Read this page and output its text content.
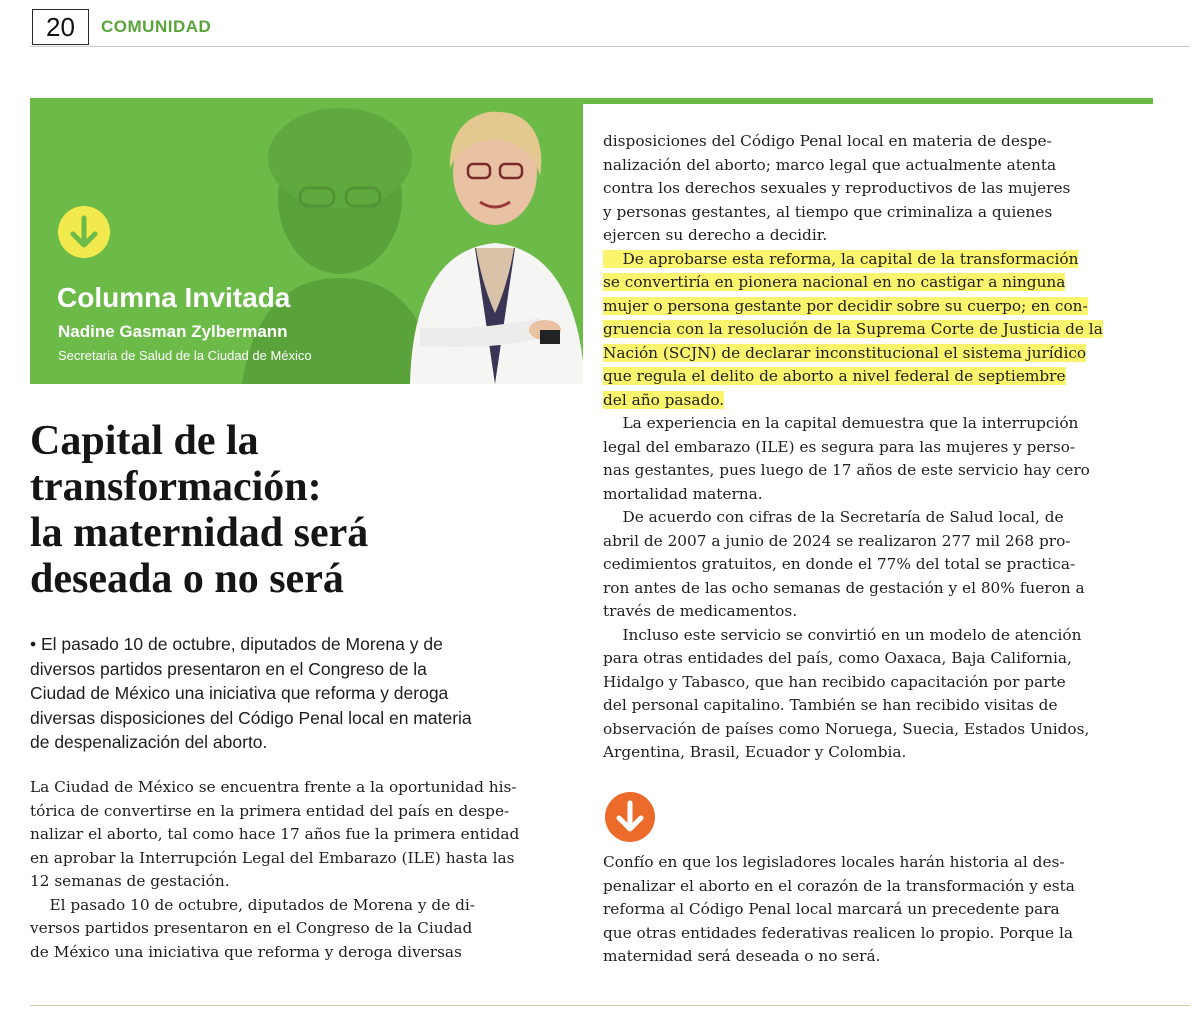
20	COMUNIDAD
Columna Invitada
Nadine Gasman Zylbermann
Secretaria de Salud de la Ciudad de México
Capital de la
transformación:
la maternidad será
deseada o no será
• El pasado 10 de octubre, diputados de Morena y de
diversos partidos presentaron en el Congreso de la
Ciudad de México una iniciativa que reforma y deroga
diversas disposiciones del Código Penal local en materia
de despenalización del aborto.
La Ciudad de México se encuentra frente a la oportunidad his-
tórica de convertirse en la primera entidad del país en despe-
nalizar el aborto, tal como hace 17 años fue la primera entidad
en aprobar la Interrupción Legal del Embarazo (ILE) hasta las
12 semanas de gestación.
El pasado 10 de octubre, diputados de Morena y de di-
versos partidos presentaron en el Congreso de la Ciudad
de México una iniciativa que reforma y deroga diversas
disposiciones del Código Penal local en materia de despe-
nalización del aborto; marco legal que actualmente atenta
contra los derechos sexuales y reproductivos de las mujeres
y personas gestantes, al tiempo que criminaliza a quienes
ejercen su derecho a decidir.
De aprobarse esta reforma, la capital de la transformación
se convertiría en pionera nacional en no castigar a ninguna
mujer o persona gestante por decidir sobre su cuerpo; en con-
gruencia con la resolución de la Suprema Corte de Justicia de la
Nación (SCJN) de declarar inconstitucional el sistema jurídico
que regula el delito de aborto a nivel federal de septiembre
del año pasado.
La experiencia en la capital demuestra que la interrupción
legal del embarazo (ILE) es segura para las mujeres y perso-
nas gestantes, pues luego de 17 años de este servicio hay cero
mortalidad materna.
De acuerdo con cifras de la Secretaría de Salud local, de
abril de 2007 a junio de 2024 se realizaron 277 mil 268 pro-
cedimientos gratuitos, en donde el 77% del total se practica-
ron antes de las ocho semanas de gestación y el 80% fueron a
través de medicamentos.
Incluso este servicio se convirtió en un modelo de atención
para otras entidades del país, como Oaxaca, Baja California,
Hidalgo y Tabasco, que han recibido capacitación por parte
del personal capitalino. También se han recibido visitas de
observación de países como Noruega, Suecia, Estados Unidos,
Argentina, Brasil, Ecuador y Colombia.
Confío en que los legisladores locales harán historia al des-
penalizar el aborto en el corazón de la transformación y esta
reforma al Código Penal local marcará un precedente para
que otras entidades federativas realicen lo propio. Porque la
maternidad será deseada o no será.
